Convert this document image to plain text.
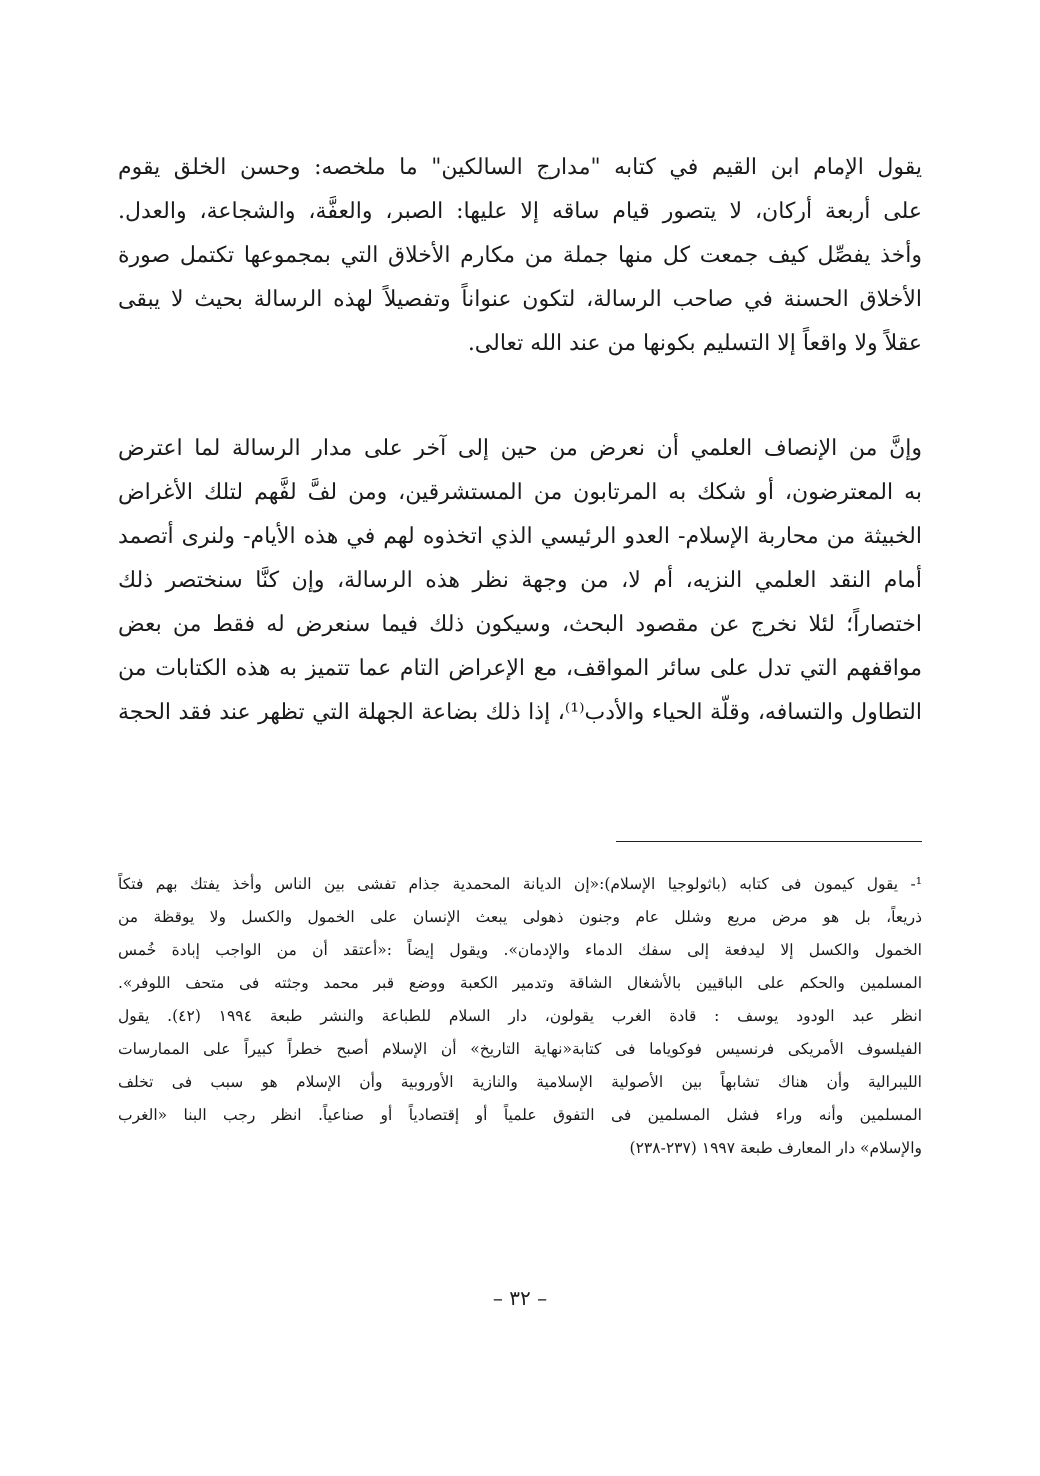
يقول الإمام ابن القيم في كتابه "مدارج السالكين" ما ملخصه: وحسن الخلق يقوم
على أربعة أركان، لا يتصور قيام ساقه إلا عليها: الصبر، والعفَّة، والشجاعة، والعدل.
وأخذ يفصِّل كيف جمعت كل منها جملة من مكارم الأخلاق التي بمجموعها تكتمل صورة
الأخلاق الحسنة في صاحب الرسالة، لتكون عنواناً وتفصيلاً لهذه الرسالة بحيث لا يبقى
عقلاً ولا واقعاً إلا التسليم بكونها من عند الله تعالى.
وإنَّ من الإنصاف العلمي أن نعرض من حين إلى آخر على مدار الرسالة لما اعترض
به المعترضون، أو شكك به المرتابون من المستشرقين، ومن لفَّ لفَّهم لتلك الأغراض
الخبيثة من محاربة الإسلام- العدو الرئيسي الذي اتخذوه لهم في هذه الأيام- ولنرى أتصمد
أمام النقد العلمي النزيه، أم لا، من وجهة نظر هذه الرسالة، وإن كنَّا سنختصر ذلك
اختصاراً؛ لئلا نخرج عن مقصود البحث، وسيكون ذلك فيما سنعرض له فقط من بعض
مواقفهم التي تدل على سائر المواقف، مع الإعراض التام عما تتميز به هذه الكتابات من
التطاول والتسافه، وقلّة الحياء والأدب⁽¹⁾، إذا ذلك بضاعة الجهلة التي تظهر عند فقد الحجة
¹- يقول كيمون فى كتابه (باثولوجيا الإسلام):«إن الديانة المحمدية جذام تفشى بين الناس وأخذ يفتك بهم فتكاً
ذريعاً، بل هو مرض مريع وشلل عام وجنون ذهولى يبعث الإنسان على الخمول والكسل ولا يوقظة من
الخمول والكسل إلا ليدفعة إلى سفك الدماء والإدمان». ويقول إيضاً :«أعتقد أن من الواجب إبادة خُمس
المسلمين والحكم على الباقيين بالأشغال الشاقة وتدمير الكعبة ووضع قبر محمد وجثته فى متحف اللوفر».
انظر عبد الودود يوسف : قادة الغرب يقولون، دار السلام للطباعة والنشر طبعة ١٩٩٤ (٤٢). يقول
الفيلسوف الأمريكى فرنسيس فوكوياما فى كتابة«نهاية التاريخ» أن الإسلام أصبح خطراً كبيراً على الممارسات
الليبرالية وأن هناك تشابهاً بين الأصولية الإسلامية والنازية الأوروبية وأن الإسلام هو سبب فى تخلف
المسلمين وأنه وراء فشل المسلمين فى التفوق علمياً أو إقتصادياً أو صناعياً. انظر رجب البنا «الغرب
والإسلام» دار المعارف طبعة ١٩٩٧ (٢٣٧-٢٣٨)
– ٣٢ –
